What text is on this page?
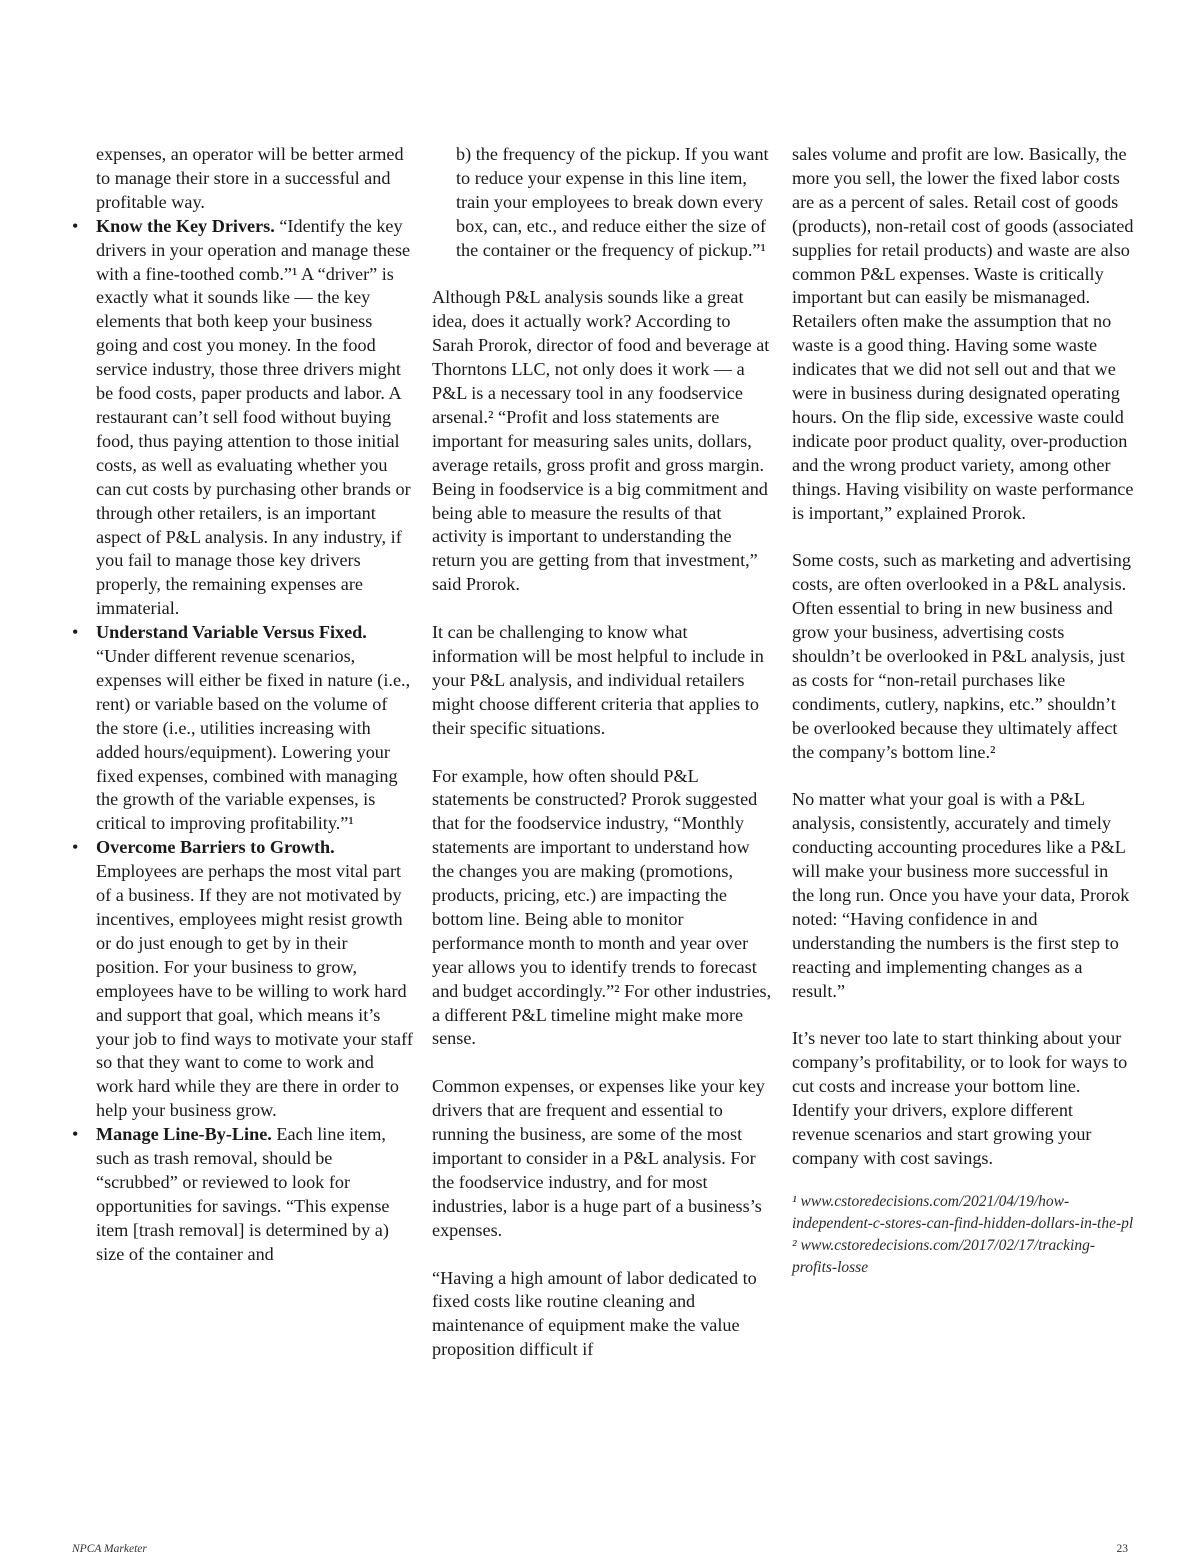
expenses, an operator will be better armed to manage their store in a successful and profitable way.

• Know the Key Drivers. “Identify the key drivers in your operation and manage these with a fine-toothed comb.”¹ A “driver” is exactly what it sounds like — the key elements that both keep your business going and cost you money. In the food service industry, those three drivers might be food costs, paper products and labor. A restaurant can’t sell food without buying food, thus paying attention to those initial costs, as well as evaluating whether you can cut costs by purchasing other brands or through other retailers, is an important aspect of P&L analysis. In any industry, if you fail to manage those key drivers properly, the remaining expenses are immaterial.
• Understand Variable Versus Fixed. “Under different revenue scenarios, expenses will either be fixed in nature (i.e., rent) or variable based on the volume of the store (i.e., utilities increasing with added hours/equipment). Lowering your fixed expenses, combined with managing the growth of the variable expenses, is critical to improving profitability.”¹
• Overcome Barriers to Growth. Employees are perhaps the most vital part of a business. If they are not motivated by incentives, employees might resist growth or do just enough to get by in their position. For your business to grow, employees have to be willing to work hard and support that goal, which means it’s your job to find ways to motivate your staff so that they want to come to work and work hard while they are there in order to help your business grow.
• Manage Line-By-Line. Each line item, such as trash removal, should be “scrubbed” or reviewed to look for opportunities for savings. “This expense item [trash removal] is determined by a) size of the container and

b) the frequency of the pickup. If you want to reduce your expense in this line item, train your employees to break down every box, can, etc., and reduce either the size of the container or the frequency of pickup.”¹

Although P&L analysis sounds like a great idea, does it actually work? According to Sarah Prorok, director of food and beverage at Thorntons LLC, not only does it work — a P&L is a necessary tool in any foodservice arsenal.² “Profit and loss statements are important for measuring sales units, dollars, average retails, gross profit and gross margin. Being in foodservice is a big commitment and being able to measure the results of that activity is important to understanding the return you are getting from that investment,” said Prorok.

It can be challenging to know what information will be most helpful to include in your P&L analysis, and individual retailers might choose different criteria that applies to their specific situations.

For example, how often should P&L statements be constructed? Prorok suggested that for the foodservice industry, “Monthly statements are important to understand how the changes you are making (promotions, products, pricing, etc.) are impacting the bottom line. Being able to monitor performance month to month and year over year allows you to identify trends to forecast and budget accordingly.”² For other industries, a different P&L timeline might make more sense.

Common expenses, or expenses like your key drivers that are frequent and essential to running the business, are some of the most important to consider in a P&L analysis. For the foodservice industry, and for most industries, labor is a huge part of a business’s expenses.

“Having a high amount of labor dedicated to fixed costs like routine cleaning and maintenance of equipment make the value proposition difficult if

sales volume and profit are low. Basically, the more you sell, the lower the fixed labor costs are as a percent of sales. Retail cost of goods (products), non-retail cost of goods (associated supplies for retail products) and waste are also common P&L expenses. Waste is critically important but can easily be mismanaged. Retailers often make the assumption that no waste is a good thing. Having some waste indicates that we did not sell out and that we were in business during designated operating hours. On the flip side, excessive waste could indicate poor product quality, over-production and the wrong product variety, among other things. Having visibility on waste performance is important,” explained Prorok.

Some costs, such as marketing and advertising costs, are often overlooked in a P&L analysis. Often essential to bring in new business and grow your business, advertising costs shouldn’t be overlooked in P&L analysis, just as costs for “non-retail purchases like condiments, cutlery, napkins, etc.” shouldn’t be overlooked because they ultimately affect the company’s bottom line.²

No matter what your goal is with a P&L analysis, consistently, accurately and timely conducting accounting procedures like a P&L will make your business more successful in the long run. Once you have your data, Prorok noted: “Having confidence in and understanding the numbers is the first step to reacting and implementing changes as a result.”

It’s never too late to start thinking about your company’s profitability, or to look for ways to cut costs and increase your bottom line. Identify your drivers, explore different revenue scenarios and start growing your company with cost savings.

¹ www.cstoredecisions.com/2021/04/19/how-independent-c-stores-can-find-hidden-dollars-in-the-pl

² www.cstoredecisions.com/2017/02/17/tracking-profits-losse

NPCA Marketer	23
